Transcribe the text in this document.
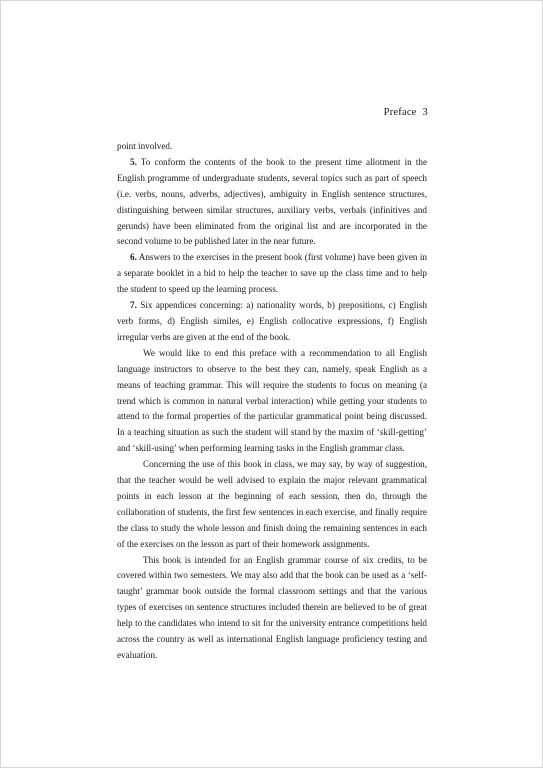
Preface 3

point involved.

5. To conform the contents of the book to the present time allotment in the English programme of undergraduate students, several topics such as part of speech (i.e. verbs, nouns, adverbs, adjectives), ambiguity in English sentence structures, distinguishing between similar structures, auxiliary verbs, verbals (infinitives and gerunds) have been eliminated from the original list and are incorporated in the second volume to be published later in the near future.

6. Answers to the exercises in the present book (first volume) have been given in a separate booklet in a bid to help the teacher to save up the class time and to help the student to speed up the learning process.

7. Six appendices concerning: a) nationality words, b) prepositions, c) English verb forms, d) English similes, e) English collocative expressions, f) English irregular verbs are given at the end of the book.

We would like to end this preface with a recommendation to all English language instructors to observe to the best they can, namely, speak English as a means of teaching grammar. This will require the students to focus on meaning (a trend which is common in natural verbal interaction) while getting your students to attend to the formal properties of the particular grammatical point being discussed. In a teaching situation as such the student will stand by the maxim of ‘skill-getting’ and ‘skill-using’ when performing learning tasks in the English grammar class.

Concerning the use of this book in class, we may say, by way of suggestion, that the teacher would be well advised to explain the major relevant grammatical points in each lesson at the beginning of each session, then do, through the collaboration of students, the first few sentences in each exercise, and finally require the class to study the whole lesson and finish doing the remaining sentences in each of the exercises on the lesson as part of their homework assignments.

This book is intended for an English grammar course of six credits, to be covered within two semesters. We may also add that the book can be used as a ‘self-taught’ grammar book outside the formal classroom settings and that the various types of exercises on sentence structures included therein are believed to be of great help to the candidates who intend to sit for the university entrance competitions held across the country as well as international English language proficiency testing and evaluation.
